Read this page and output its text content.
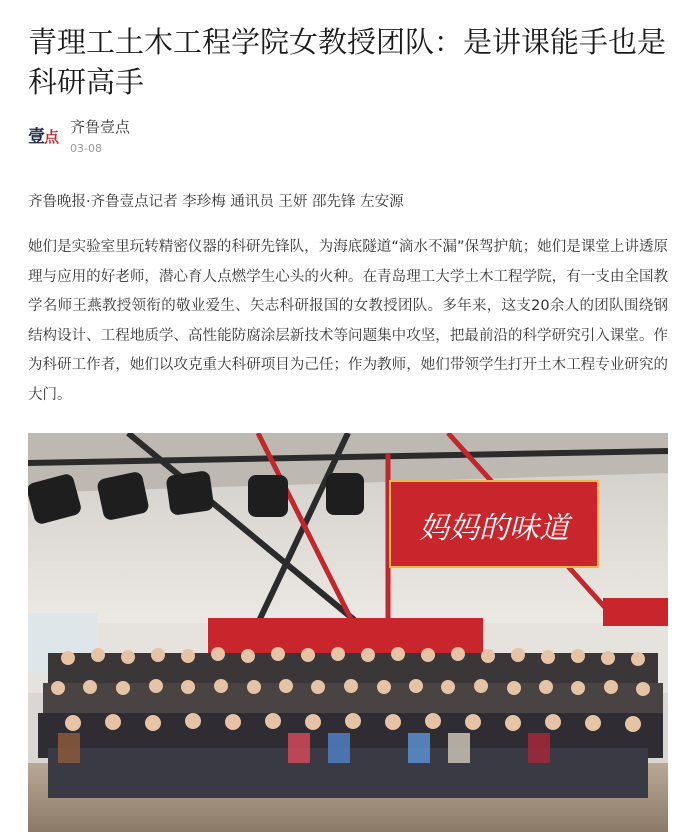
青理工土木工程学院女教授团队：是讲课能手也是科研高手
壹 点
齐鲁壹点
03-08
齐鲁晚报·齐鲁壹点记者 李珍梅 通讯员 王妍 邵先锋 左安源

她们是实验室里玩转精密仪器的科研先锋队，为海底隧道“滴水不漏”保驾护航；她们是课堂上讲透原理与应用的好老师，潜心育人点燃学生心头的火种。在青岛理工大学土木工程学院，有一支由全国教学名师王燕教授领衔的敬业爱生、矢志科研报国的女教授团队。多年来，这支20余人的团队围绕钢结构设计、工程地质学、高性能防腐涂层新技术等问题集中攻坚，把最前沿的科学研究引入课堂。作为科研工作者，她们以攻克重大科研项目为己任；作为教师，她们带领学生打开土木工程专业研究的大门。

妈妈的味道
